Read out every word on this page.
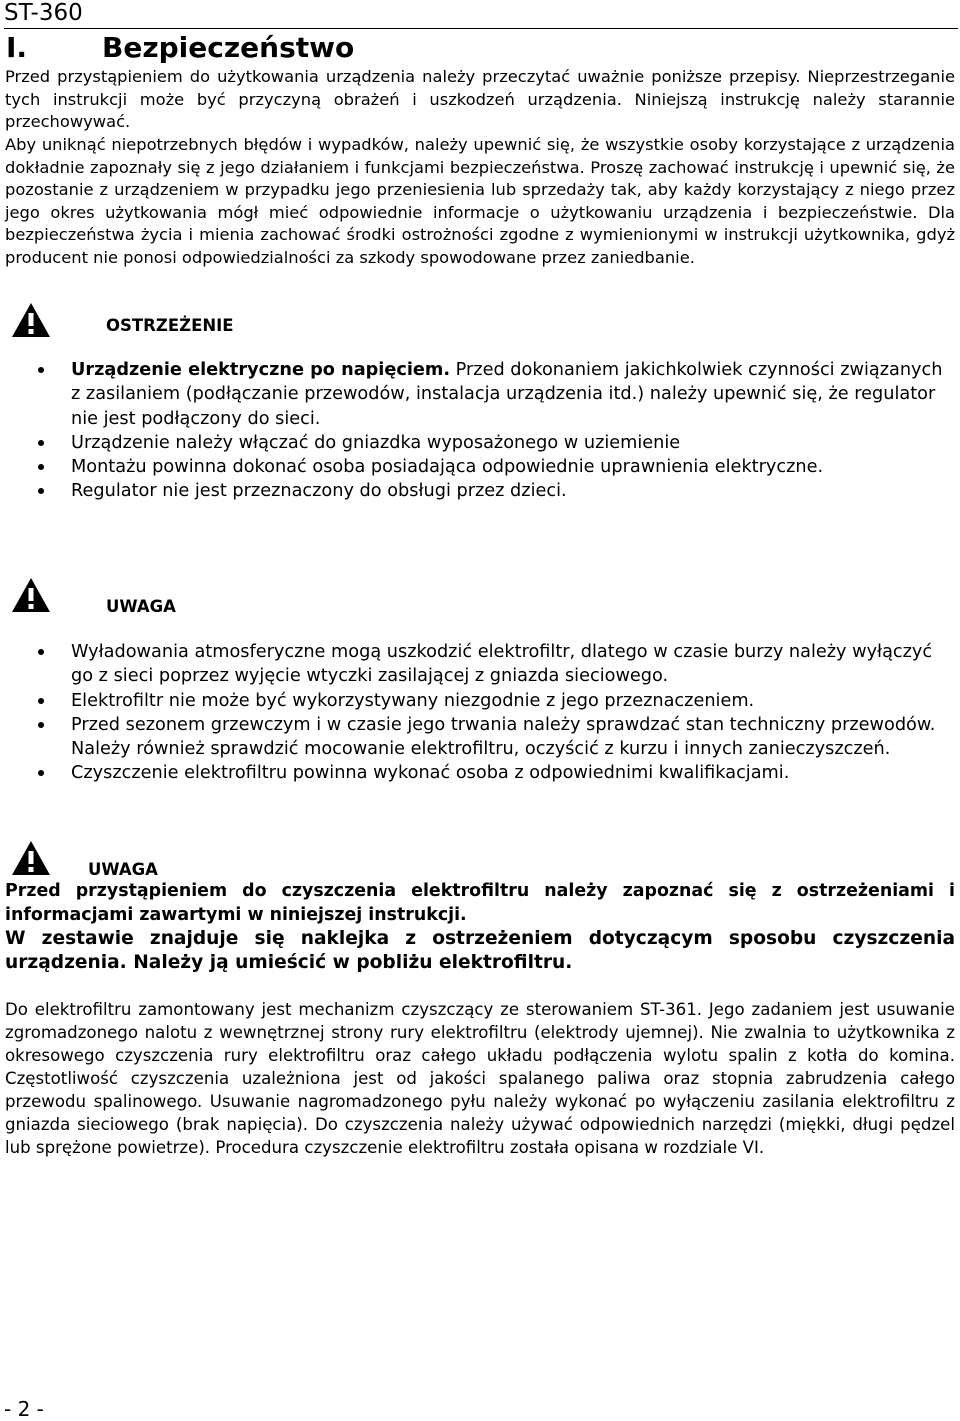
ST-360
I.	Bezpieczeństwo
Przed przystąpieniem do użytkowania urządzenia należy przeczytać uważnie poniższe przepisy. Nieprzestrzeganie tych instrukcji może być przyczyną obrażeń i uszkodzeń urządzenia. Niniejszą instrukcję należy starannie przechowywać.
Aby uniknąć niepotrzebnych błędów i wypadków, należy upewnić się, że wszystkie osoby korzystające z urządzenia dokładnie zapoznały się z jego działaniem i funkcjami bezpieczeństwa. Proszę zachować instrukcję i upewnić się, że pozostanie z urządzeniem w przypadku jego przeniesienia lub sprzedaży tak, aby każdy korzystający z niego przez jego okres użytkowania mógł mieć odpowiednie informacje o użytkowaniu urządzenia i bezpieczeństwie. Dla bezpieczeństwa życia i mienia zachować środki ostrożności zgodne z wymienionymi w instrukcji użytkownika, gdyż producent nie ponosi odpowiedzialności za szkody spowodowane przez zaniedbanie.
OSTRZEŻENIE
Urządzenie elektryczne po napięciem. Przed dokonaniem jakichkolwiek czynności związanych z zasilaniem (podłączanie przewodów, instalacja urządzenia itd.) należy upewnić się, że regulator nie jest podłączony do sieci.
Urządzenie należy włączać do gniazdka wyposażonego w uziemienie
Montażu powinna dokonać osoba posiadająca odpowiednie uprawnienia elektryczne.
Regulator nie jest przeznaczony do obsługi przez dzieci.
UWAGA
Wyładowania atmosferyczne mogą uszkodzić elektrofiltr, dlatego w czasie burzy należy wyłączyć go z sieci poprzez wyjęcie wtyczki zasilającej z gniazda sieciowego.
Elektrofiltr nie może być wykorzystywany niezgodnie z jego przeznaczeniem.
Przed sezonem grzewczym i w czasie jego trwania należy sprawdzać stan techniczny przewodów. Należy również sprawdzić mocowanie elektrofiltru, oczyścić z kurzu i innych zanieczyszczeń.
Czyszczenie elektrofiltru powinna wykonać osoba z odpowiednimi kwalifikacjami.
UWAGA
Przed przystąpieniem do czyszczenia elektrofiltru należy zapoznać się z ostrzeżeniami i informacjami zawartymi w niniejszej instrukcji.
W zestawie znajduje się naklejka z ostrzeżeniem dotyczącym sposobu czyszczenia urządzenia. Należy ją umieścić w pobliżu elektrofiltru.
Do elektrofiltru zamontowany jest mechanizm czyszczący ze sterowaniem ST-361. Jego zadaniem jest usuwanie zgromadzonego nalotu z wewnętrznej strony rury elektrofiltru (elektrody ujemnej). Nie zwalnia to użytkownika z okresowego czyszczenia rury elektrofiltru oraz całego układu podłączenia wylotu spalin z kotła do komina. Częstotliwość czyszczenia uzależniona jest od jakości spalanego paliwa oraz stopnia zabrudzenia całego przewodu spalinowego. Usuwanie nagromadzonego pyłu należy wykonać po wyłączeniu zasilania elektrofiltru z gniazda sieciowego (brak napięcia). Do czyszczenia należy używać odpowiednich narzędzi (miękki, długi pędzel lub sprężone powietrze). Procedura czyszczenie elektrofiltru została opisana w rozdziale VI.
- 2 -
